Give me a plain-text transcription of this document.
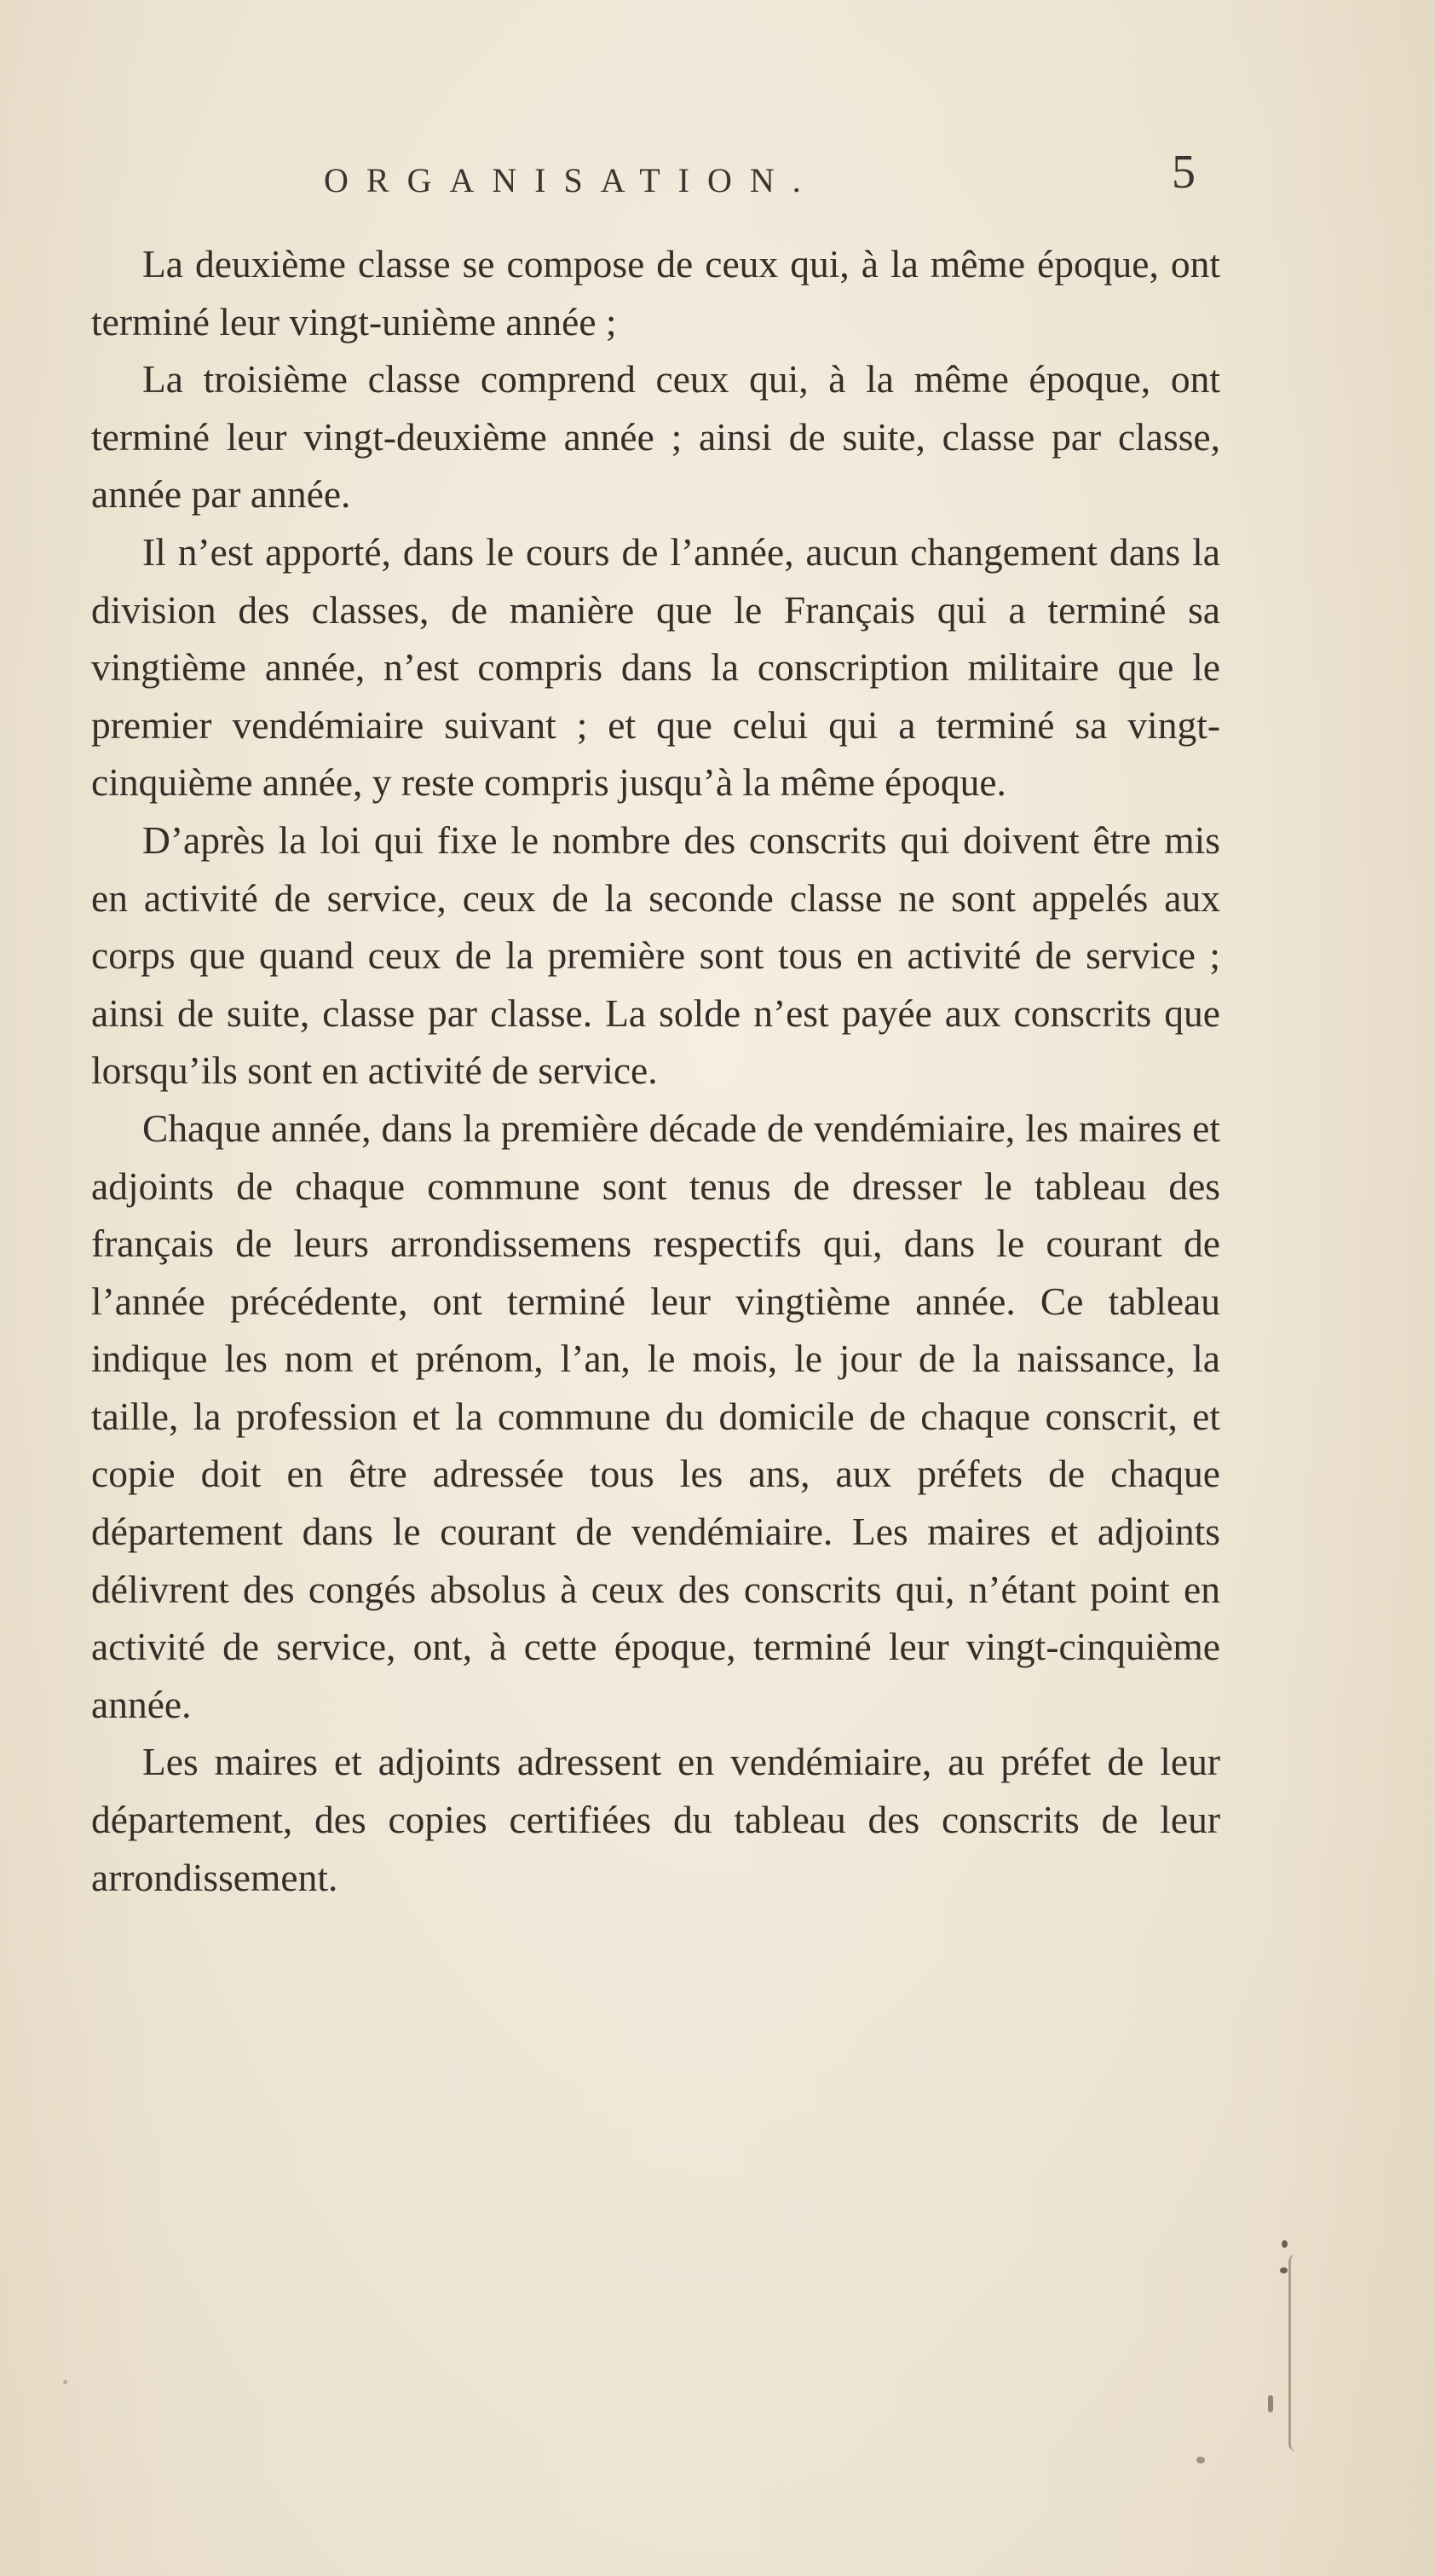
ORGANISATION.	5

La deuxième classe se compose de ceux qui, à la même époque, ont terminé leur vingt-unième année ;

La troisième classe comprend ceux qui, à la même époque, ont terminé leur vingt-deuxième année ; ainsi de suite, classe par classe, année par année.

Il n’est apporté, dans le cours de l’année, aucun changement dans la division des classes, de manière que le Français qui a terminé sa vingtième année, n’est compris dans la conscription militaire que le premier vendémiaire suivant ; et que celui qui a terminé sa vingt-cinquième année, y reste compris jusqu’à la même époque.

D’après la loi qui fixe le nombre des conscrits qui doivent être mis en activité de service, ceux de la seconde classe ne sont appelés aux corps que quand ceux de la première sont tous en activité de service ; ainsi de suite, classe par classe. La solde n’est payée aux conscrits que lorsqu’ils sont en activité de service.

Chaque année, dans la première décade de vendémiaire, les maires et adjoints de chaque commune sont tenus de dresser le tableau des français de leurs arrondissemens respectifs qui, dans le courant de l’année précédente, ont terminé leur vingtième année. Ce tableau indique les nom et prénom, l’an, le mois, le jour de la naissance, la taille, la profession et la commune du domicile de chaque conscrit, et copie doit en être adressée tous les ans, aux préfets de chaque département dans le courant de vendémiaire. Les maires et adjoints délivrent des congés absolus à ceux des conscrits qui, n’étant point en activité de service, ont, à cette époque, terminé leur vingt-cinquième année.

Les maires et adjoints adressent en vendémiaire, au préfet de leur département, des copies certifiées du tableau des conscrits de leur arrondissement.
